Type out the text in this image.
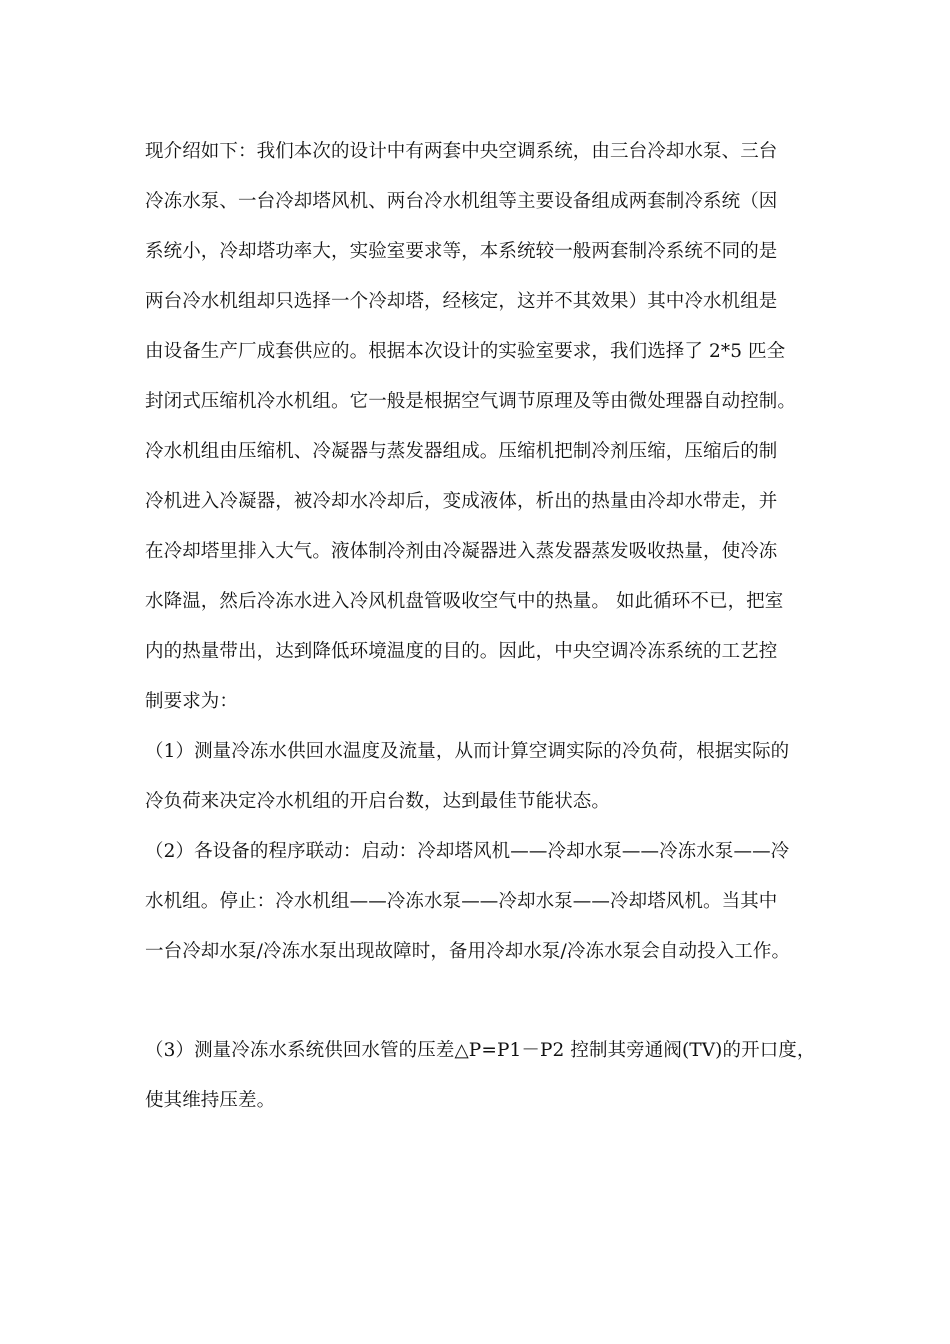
现介绍如下：我们本次的设计中有两套中央空调系统，由三台冷却水泵、三台
冷冻水泵、一台冷却塔风机、两台冷水机组等主要设备组成两套制冷系统（因
系统小，冷却塔功率大，实验室要求等，本系统较一般两套制冷系统不同的是
两台冷水机组却只选择一个冷却塔，经核定，这并不其效果）其中冷水机组是
由设备生产厂成套供应的。根据本次设计的实验室要求，我们选择了 2*5 匹全
封闭式压缩机冷水机组。它一般是根据空气调节原理及等由微处理器自动控制。
冷水机组由压缩机、冷凝器与蒸发器组成。压缩机把制冷剂压缩，压缩后的制
冷机进入冷凝器，被冷却水冷却后，变成液体，析出的热量由冷却水带走，并
在冷却塔里排入大气。液体制冷剂由冷凝器进入蒸发器蒸发吸收热量，使冷冻
水降温，然后冷冻水进入冷风机盘管吸收空气中的热量。 如此循环不已，把室
内的热量带出，达到降低环境温度的目的。因此，中央空调冷冻系统的工艺控
制要求为：
（1）测量冷冻水供回水温度及流量，从而计算空调实际的冷负荷，根据实际的
冷负荷来决定冷水机组的开启台数，达到最佳节能状态。
（2）各设备的程序联动：启动：冷却塔风机——冷却水泵——冷冻水泵——冷
水机组。停止：冷水机组——冷冻水泵——冷却水泵——冷却塔风机。当其中
一台冷却水泵/冷冻水泵出现故障时，备用冷却水泵/冷冻水泵会自动投入工作。
（3）测量冷冻水系统供回水管的压差△P=P1－P2 控制其旁通阀(TV)的开口度，
使其维持压差。
